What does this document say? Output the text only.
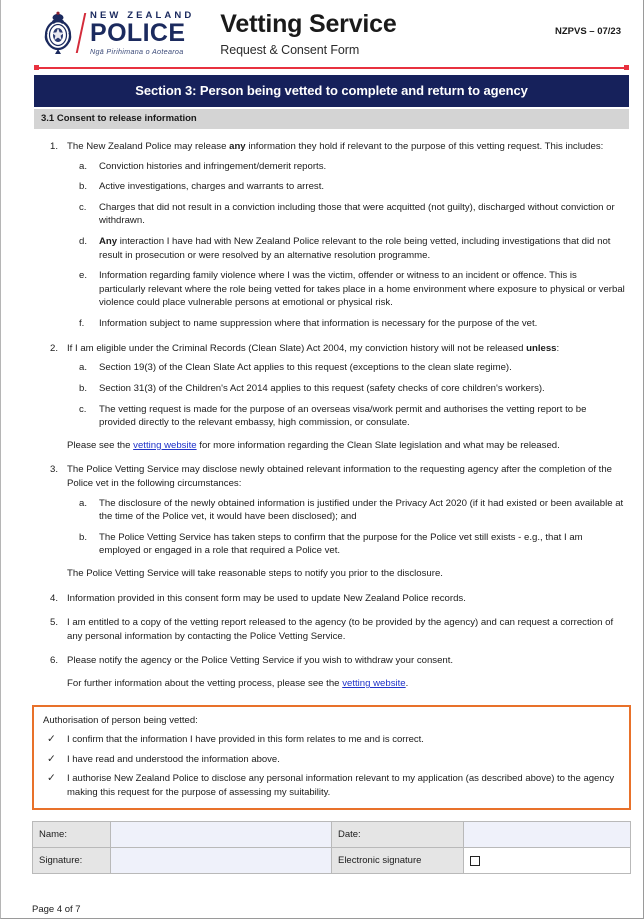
NEW ZEALAND
POLICE
Ngā Pirihimana o Aotearoa
Vetting Service
Request & Consent Form
NZPVS – 07/23
Section 3: Person being vetted to complete and return to agency
3.1 Consent to release information
1. The New Zealand Police may release any information they hold if relevant to the purpose of this vetting request. This includes:
a.	Conviction histories and infringement/demerit reports.
b.	Active investigations, charges and warrants to arrest.
c.	Charges that did not result in a conviction including those that were acquitted (not guilty), discharged without conviction or withdrawn.
d.	Any interaction I have had with New Zealand Police relevant to the role being vetted, including investigations that did not result in prosecution or were resolved by an alternative resolution programme.
e.	Information regarding family violence where I was the victim, offender or witness to an incident or offence. This is particularly relevant where the role being vetted for takes place in a home environment where exposure to physical or verbal violence could place vulnerable persons at emotional or physical risk.
f.	Information subject to name suppression where that information is necessary for the purpose of the vet.
2. If I am eligible under the Criminal Records (Clean Slate) Act 2004, my conviction history will not be released unless:
a.	Section 19(3) of the Clean Slate Act applies to this request (exceptions to the clean slate regime).
b.	Section 31(3) of the Children's Act 2014 applies to this request (safety checks of core children's workers).
c.	The vetting request is made for the purpose of an overseas visa/work permit and authorises the vetting report to be provided directly to the relevant embassy, high commission, or consulate.
Please see the vetting website for more information regarding the Clean Slate legislation and what may be released.
3. The Police Vetting Service may disclose newly obtained relevant information to the requesting agency after the completion of the Police vet in the following circumstances:
a.	The disclosure of the newly obtained information is justified under the Privacy Act 2020 (if it had existed or been available at the time of the Police vet, it would have been disclosed); and
b.	The Police Vetting Service has taken steps to confirm that the purpose for the Police vet still exists - e.g., that I am employed or engaged in a role that required a Police vet.
The Police Vetting Service will take reasonable steps to notify you prior to the disclosure.
4. Information provided in this consent form may be used to update New Zealand Police records.
5. I am entitled to a copy of the vetting report released to the agency (to be provided by the agency) and can request a correction of any personal information by contacting the Police Vetting Service.
6. Please notify the agency or the Police Vetting Service if you wish to withdraw your consent.
For further information about the vetting process, please see the vetting website.
Authorisation of person being vetted:
✓ I confirm that the information I have provided in this form relates to me and is correct.
✓ I have read and understood the information above.
✓ I authorise New Zealand Police to disclose any personal information relevant to my application (as described above) to the agency making this request for the purpose of assessing my suitability.
Name:		Date:	
Signature:		Electronic signature	
Page 4 of 7
